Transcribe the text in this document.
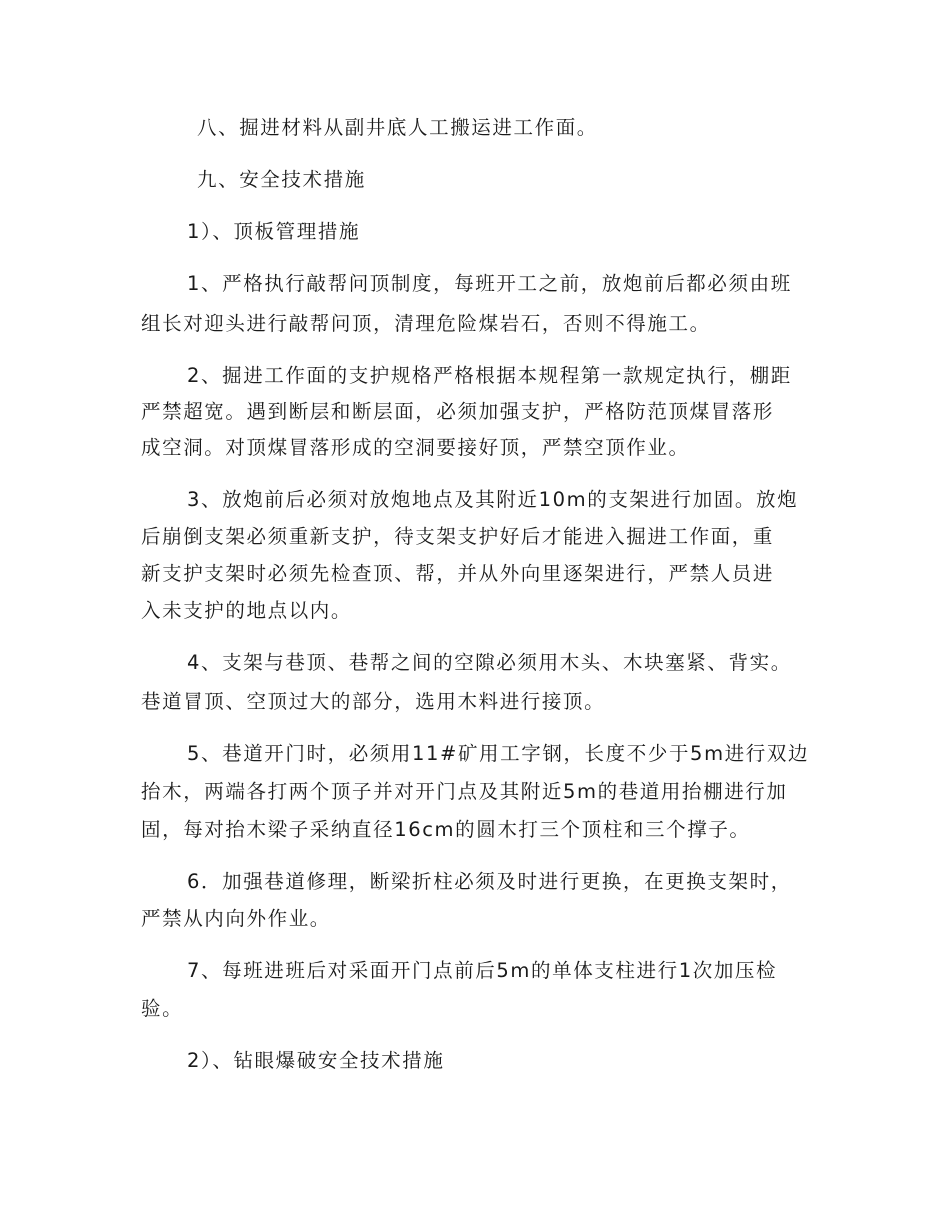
八、掘进材料从副井底人工搬运进工作面。
九、安全技术措施
1）、顶板管理措施
1、严格执行敲帮问顶制度，每班开工之前，放炮前后都必须由班
组长对迎头进行敲帮问顶，清理危险煤岩石，否则不得施工。
2、掘进工作面的支护规格严格根据本规程第一款规定执行，棚距
严禁超宽。遇到断层和断层面，必须加强支护，严格防范顶煤冒落形
成空洞。对顶煤冒落形成的空洞要接好顶，严禁空顶作业。
3、放炮前后必须对放炮地点及其附近10m的支架进行加固。放炮
后崩倒支架必须重新支护，待支架支护好后才能进入掘进工作面，重
新支护支架时必须先检查顶、帮，并从外向里逐架进行，严禁人员进
入未支护的地点以内。
4、支架与巷顶、巷帮之间的空隙必须用木头、木块塞紧、背实。
巷道冒顶、空顶过大的部分，选用木料进行接顶。
5、巷道开门时，必须用11#矿用工字钢，长度不少于5m进行双边
抬木，两端各打两个顶子并对开门点及其附近5m的巷道用抬棚进行加
固，每对抬木梁子采纳直径16cm的圆木打三个顶柱和三个撑子。
6．加强巷道修理，断梁折柱必须及时进行更换，在更换支架时，
严禁从内向外作业。
7、每班进班后对采面开门点前后5m的单体支柱进行1次加压检
验。
2）、钻眼爆破安全技术措施
